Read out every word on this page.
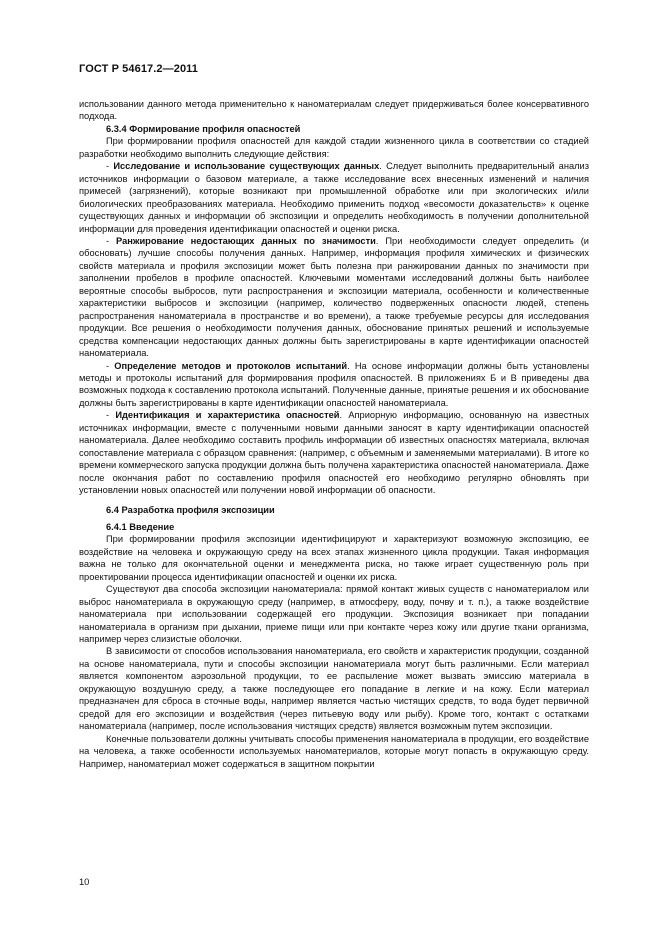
ГОСТ Р 54617.2—2011

использовании данного метода применительно к наноматериалам следует придерживаться более консервативного подхода.

6.3.4 Формирование профиля опасностей

При формировании профиля опасностей для каждой стадии жизненного цикла в соответствии со стадией разработки необходимо выполнить следующие действия:

- Исследование и использование существующих данных. Следует выполнить предварительный анализ источников информации о базовом материале, а также исследование всех внесенных изменений и наличия примесей (загрязнений), которые возникают при промышленной обработке или при экологических и/или биологических преобразованиях материала. Необходимо применить подход «весомости доказательств» к оценке существующих данных и информации об экспозиции и определить необходимость в получении дополнительной информации для проведения идентификации опасностей и оценки риска.

- Ранжирование недостающих данных по значимости. При необходимости следует определить (и обосновать) лучшие способы получения данных. Например, информация профиля химических и физических свойств материала и профиля экспозиции может быть полезна при ранжировании данных по значимости при заполнении пробелов в профиле опасностей. Ключевыми моментами исследований должны быть наиболее вероятные способы выбросов, пути распространения и экспозиции материала, особенности и количественные характеристики выбросов и экспозиции (например, количество подверженных опасности людей, степень распространения наноматериала в пространстве и во времени), а также требуемые ресурсы для исследования продукции. Все решения о необходимости получения данных, обоснование принятых решений и используемые средства компенсации недостающих данных должны быть зарегистрированы в карте идентификации опасностей наноматериала.

- Определение методов и протоколов испытаний. На основе информации должны быть установлены методы и протоколы испытаний для формирования профиля опасностей. В приложениях Б и В приведены два возможных подхода к составлению протокола испытаний. Полученные данные, принятые решения и их обоснование должны быть зарегистрированы в карте идентификации опасностей наноматериала.

- Идентификация и характеристика опасностей. Априорную информацию, основанную на известных источниках информации, вместе с полученными новыми данными заносят в карту идентификации опасностей наноматериала. Далее необходимо составить профиль информации об известных опасностях материала, включая сопоставление материала с образцом сравнения: (например, с объемным и заменяемыми материалами). В итоге ко времени коммерческого запуска продукции должна быть получена характеристика опасностей наноматериала. Даже после окончания работ по составлению профиля опасностей его необходимо регулярно обновлять при установлении новых опасностей или получении новой информации об опасности.

6.4 Разработка профиля экспозиции

6.4.1 Введение

При формировании профиля экспозиции идентифицируют и характеризуют возможную экспозицию, ее воздействие на человека и окружающую среду на всех этапах жизненного цикла продукции. Такая информация важна не только для окончательной оценки и менеджмента риска, но также играет существенную роль при проектировании процесса идентификации опасностей и оценки их риска.

Существуют два способа экспозиции наноматериала: прямой контакт живых существ с наноматериалом или выброс наноматериала в окружающую среду (например, в атмосферу, воду, почву и т. п.), а также воздействие наноматериала при использовании содержащей его продукции. Экспозиция возникает при попадании наноматериала в организм при дыхании, приеме пищи или при контакте через кожу или другие ткани организма, например через слизистые оболочки.

В зависимости от способов использования наноматериала, его свойств и характеристик продукции, созданной на основе наноматериала, пути и способы экспозиции наноматериала могут быть различными. Если материал является компонентом аэрозольной продукции, то ее распыление может вызвать эмиссию материала в окружающую воздушную среду, а также последующее его попадание в легкие и на кожу. Если материал предназначен для сброса в сточные воды, например является частью чистящих средств, то вода будет первичной средой для его экспозиции и воздействия (через питьевую воду или рыбу). Кроме того, контакт с остатками наноматериала (например, после использования чистящих средств) является возможным путем экспозиции.

Конечные пользователи должны учитывать способы применения наноматериала в продукции, его воздействие на человека, а также особенности используемых наноматериалов, которые могут попасть в окружающую среду. Например, наноматериал может содержаться в защитном покрытии

10
